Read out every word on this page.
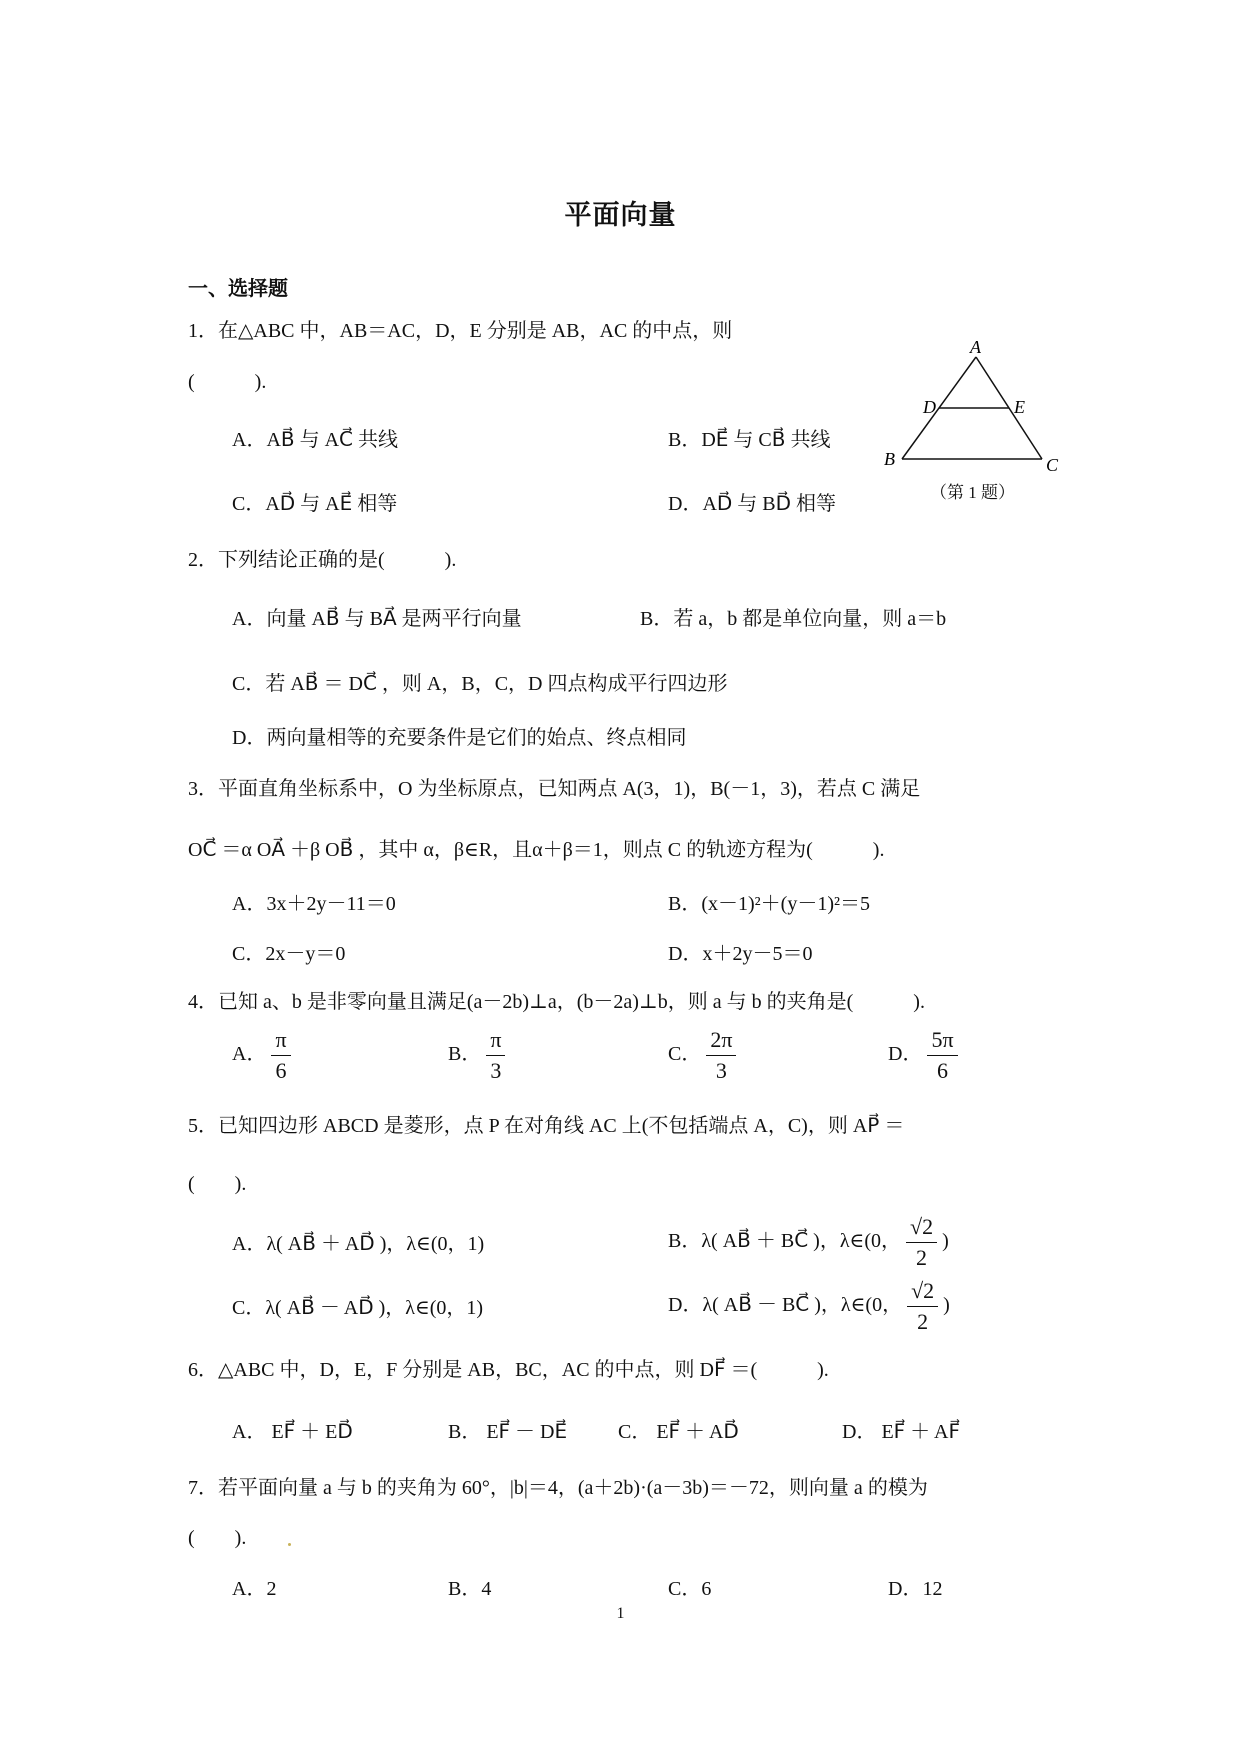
平面向量
一、选择题
1．在△ABC 中，AB＝AC，D，E 分别是 AB，AC 的中点，则
(　　　).
A．AB⃗ 与 AC⃗ 共线	B．DE⃗ 与 CB⃗ 共线
C．AD⃗ 与 AE⃗ 相等	D．AD⃗ 与 BD⃗ 相等
A
D	E
B	C
（第 1 题）
2．下列结论正确的是(　　　).
A．向量 AB⃗ 与 BA⃗ 是两平行向量	B．若 a，b 都是单位向量，则 a＝b
C．若 AB⃗ ＝ DC⃗ ，则 A，B，C，D 四点构成平行四边形
D．两向量相等的充要条件是它们的始点、终点相同
3．平面直角坐标系中，O 为坐标原点，已知两点 A(3，1)，B(－1，3)，若点 C 满足
OC⃗ ＝α OA⃗ ＋β OB⃗ ，其中 α，β∈R，且α＋β＝1，则点 C 的轨迹方程为(　　　).
A．3x＋2y－11＝0	B．(x－1)²＋(y－1)²＝5
C．2x－y＝0	D．x＋2y－5＝0
4．已知 a、b 是非零向量且满足(a－2b)⊥a，(b－2a)⊥b，则 a 与 b 的夹角是(　　　).
A． $\frac{\pi}{6}$	B． $\frac{\pi}{3}$	C． $\frac{2\pi}{3}$	D． $\frac{5\pi}{6}$
5．已知四边形 ABCD 是菱形，点 P 在对角线 AC 上(不包括端点 A，C)，则 AP⃗ ＝
(　　).
A．λ( AB⃗ ＋ AD⃗ )，λ∈(0，1)	B．λ( AB⃗ ＋ BC⃗ )，λ∈(0， $\frac{√2}{2}$ )
C．λ( AB⃗ － AD⃗ )，λ∈(0，1)	D．λ( AB⃗ － BC⃗ )，λ∈(0， $\frac{√2}{2}$ )
6．△ABC 中，D，E，F 分别是 AB，BC，AC 的中点，则 DF⃗ ＝(　　　).
A． EF⃗ ＋ ED⃗	B． EF⃗ － DE⃗	C． EF⃗ ＋ AD⃗	D． EF⃗ ＋ AF⃗
7．若平面向量 a 与 b 的夹角为 60°，|b|＝4，(a＋2b)·(a－3b)＝－72，则向量 a 的模为
(　　).
A．2	B．4	C．6	D．12
1
